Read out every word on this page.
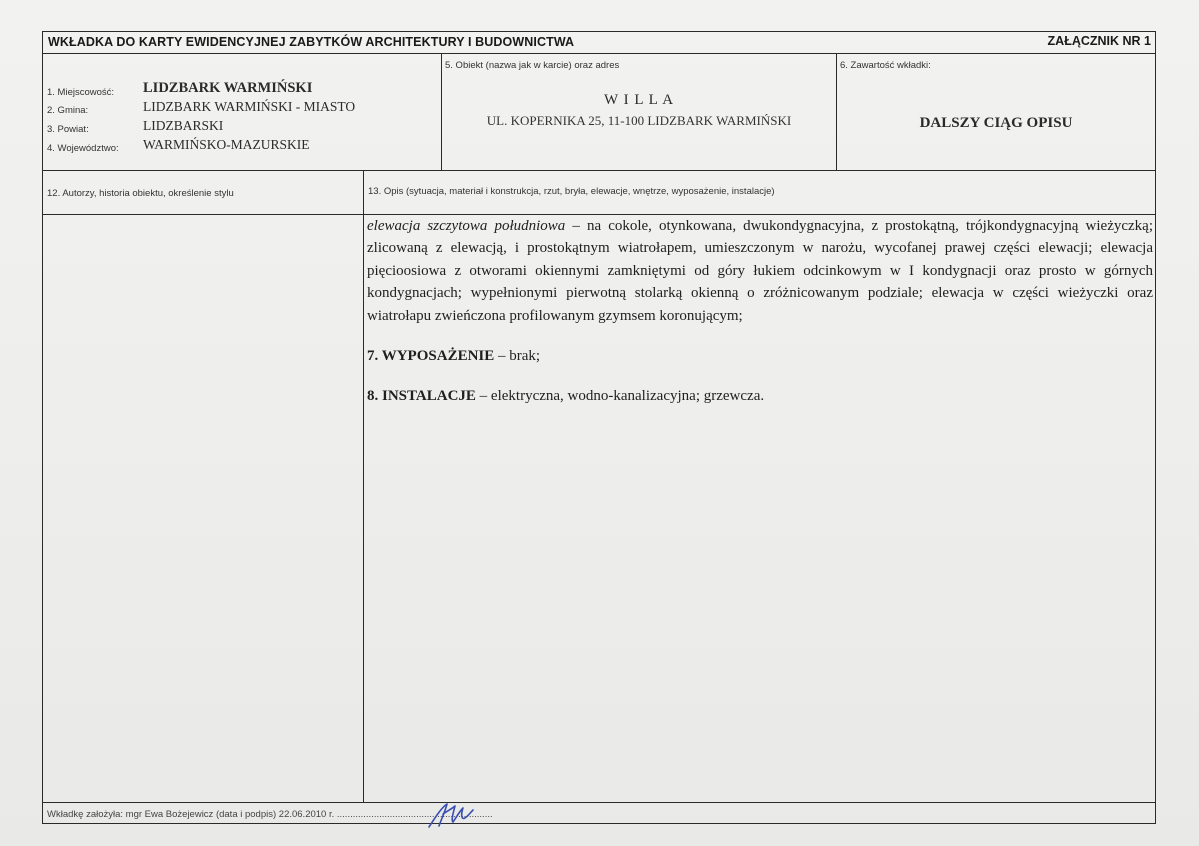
WKŁADKA DO KARTY EWIDENCYJNEJ ZABYTKÓW ARCHITEKTURY I BUDOWNICTWA	ZAŁĄCZNIK NR 1
1. Miejscowość: LIDZBARK WARMIŃSKI
2. Gmina:	LIDZBARK WARMIŃSKI - MIASTO
3. Powiat:	LIDZBARSKI
4. Województwo: WARMIŃSKO-MAZURSKIE
5. Obiekt (nazwa jak w karcie) oraz adres
W I L L A
UL. KOPERNIKA 25, 11-100 LIDZBARK WARMIŃSKI
6. Zawartość wkładki:
DALSZY CIĄG OPISU
12. Autorzy, historia obiektu, określenie stylu	13. Opis (sytuacja, materiał i konstrukcja, rzut, bryła, elewacje, wnętrze, wyposażenie, instalacje)

elewacja szczytowa południowa – na cokole, otynkowana, dwukondygnacyjna, z prostokątną, trójkondygnacyjną wieżyczką; zlicowaną z elewacją, i prostokątnym wiatrołapem, umieszczonym w narożu, wycofanej prawej części elewacji; elewacja pięcioosiowa z otworami okiennymi zamkniętymi od góry łukiem odcinkowym w I kondygnacji oraz prosto w górnych kondygnacjach; wypełnionymi pierwotną stolarką okienną o zróżnicowanym podziale; elewacja w części wieżyczki oraz wiatrołapu zwieńczona profilowanym gzymsem koronującym;

7. WYPOSAŻENIE – brak;

8. INSTALACJE – elektryczna, wodno-kanalizacyjna; grzewcza.

Wkładkę założyła: mgr Ewa Bożejewicz (data i podpis) 22.06.2010 r. ...........................................................
